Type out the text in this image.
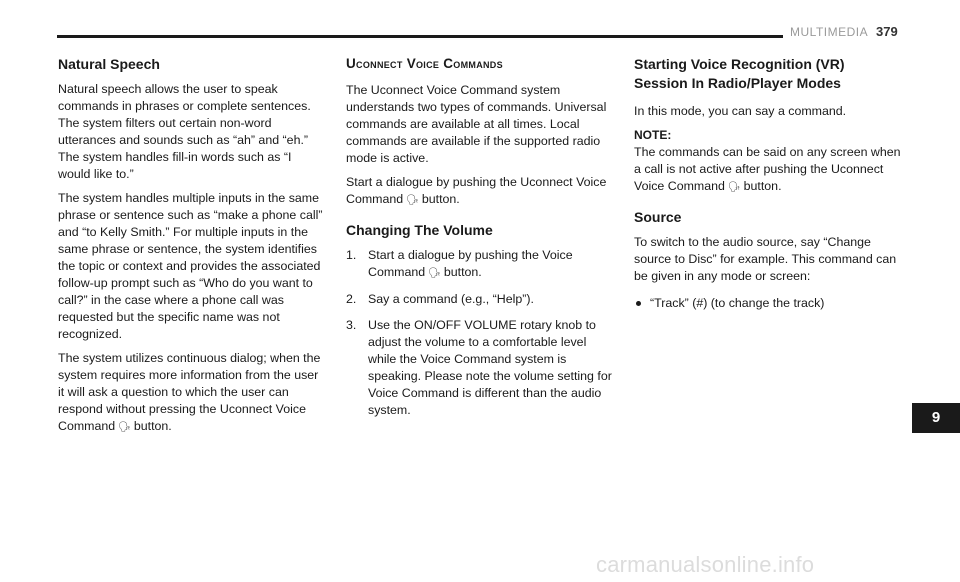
MULTIMEDIA 379
Natural Speech

Natural speech allows the user to speak commands in phrases or complete sentences. The system filters out certain non-word utterances and sounds such as “ah” and “eh.” The system handles fill-in words such as “I would like to.”

The system handles multiple inputs in the same phrase or sentence such as “make a phone call” and “to Kelly Smith.” For multiple inputs in the same phrase or sentence, the system identifies the topic or context and provides the associated follow-up prompt such as “Who do you want to call?” in the case where a phone call was requested but the specific name was not recognized.

The system utilizes continuous dialog; when the system requires more information from the user it will ask a question to which the user can respond without pressing the Uconnect Voice Command 🗣︎ button.

Uconnect Voice Commands

The Uconnect Voice Command system understands two types of commands. Universal commands are available at all times. Local commands are available if the supported radio mode is active.

Start a dialogue by pushing the Uconnect Voice Command 🗣︎ button.

Changing The Volume
1. Start a dialogue by pushing the Voice Command 🗣︎ button.
2. Say a command (e.g., “Help”).
3. Use the ON/OFF VOLUME rotary knob to adjust the volume to a comfortable level while the Voice Command system is speaking. Please note the volume setting for Voice Command is different than the audio system.
Starting Voice Recognition (VR) Session In Radio/Player Modes

In this mode, you can say a command.

NOTE:
The commands can be said on any screen when a call is not active after pushing the Uconnect Voice Command 🗣︎ button.

Source

To switch to the audio source, say “Change source to Disc” for example. This command can be given in any mode or screen:

“Track” (#) (to change the track)
9
carmanualsonline.info
